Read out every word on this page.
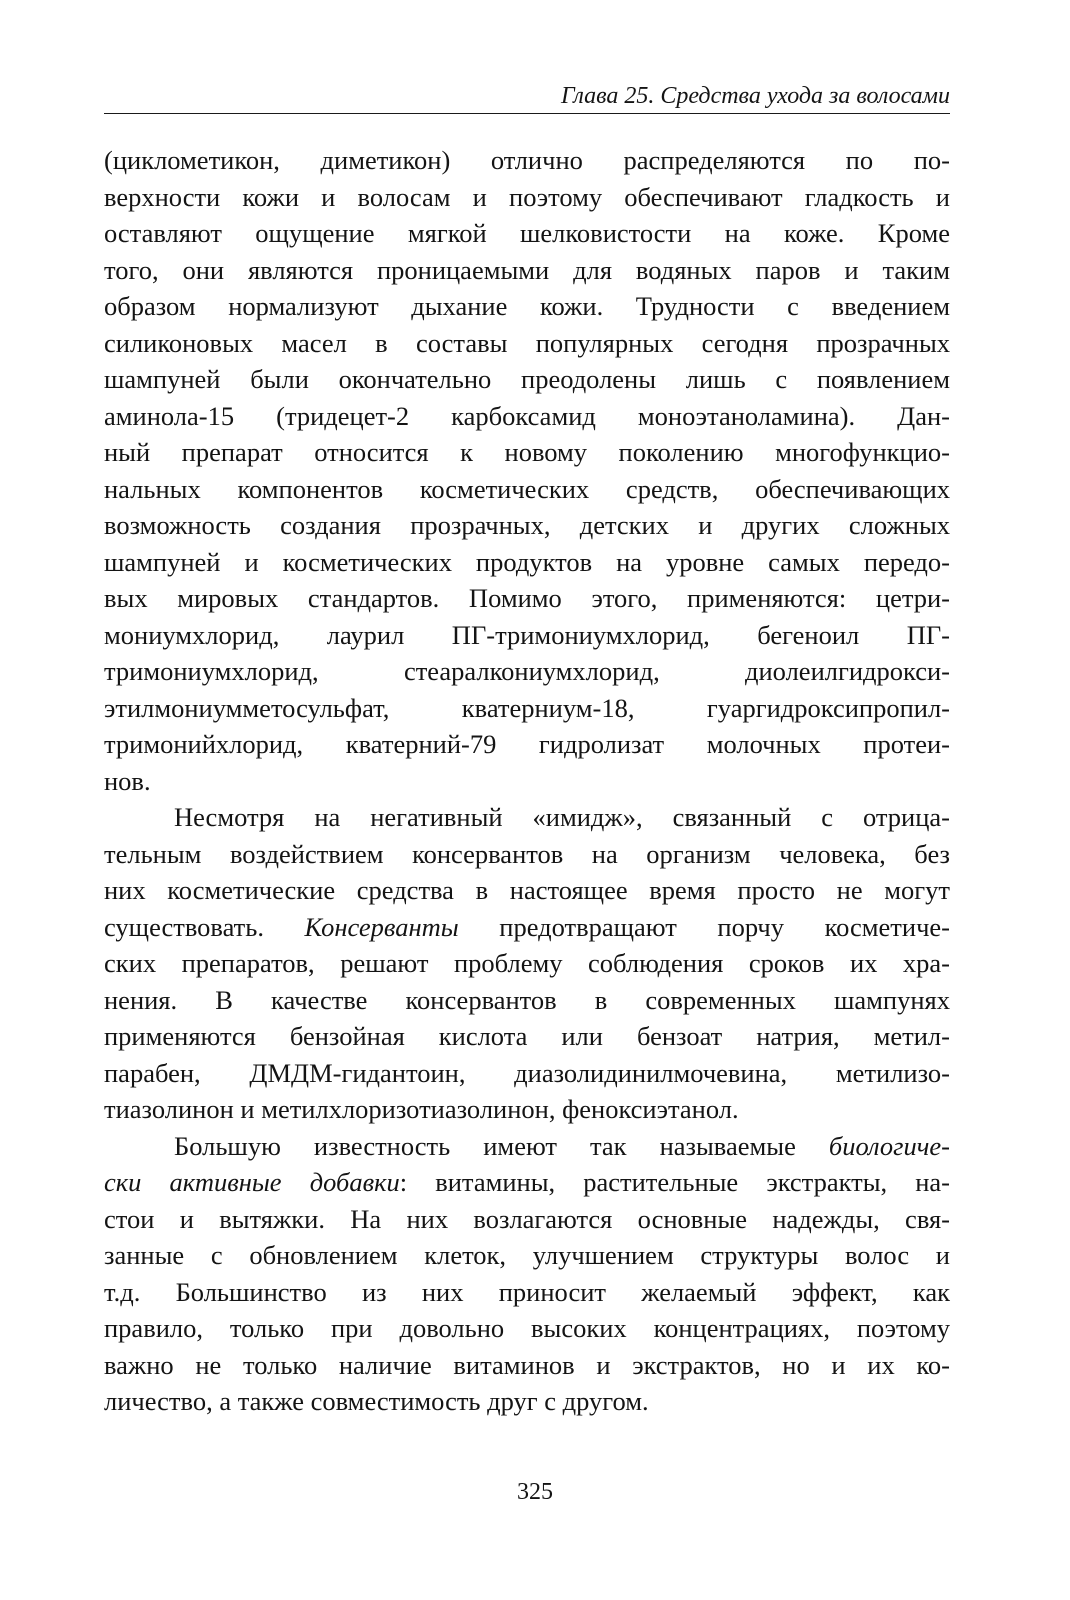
Глава 25. Средства ухода за волосами

(циклометикон, диметикон) отлично распределяются по по-
верхности кожи и волосам и поэтому обеспечивают гладкость и
оставляют ощущение мягкой шелковистости на коже. Кроме
того, они являются проницаемыми для водяных паров и таким
образом нормализуют дыхание кожи. Трудности с введением
силиконовых масел в составы популярных сегодня прозрачных
шампуней были окончательно преодолены лишь с появлением
аминола-15 (тридецет-2 карбоксамид моноэтаноламина). Дан-
ный препарат относится к новому поколению многофункцио-
нальных компонентов косметических средств, обеспечивающих
возможность создания прозрачных, детских и других сложных
шампуней и косметических продуктов на уровне самых передо-
вых мировых стандартов. Помимо этого, применяются: цетри-
мониумхлорид, лаурил ПГ-тримониумхлорид, бегеноил ПГ-
тримониумхлорид, стеаралкониумхлорид, диолеилгидрокси-
этилмониумметосульфат, кватерниум-18, гуаргидроксипропил-
тримонийхлорид, кватерний-79 гидролизат молочных протеи-
нов.

Несмотря на негативный «имидж», связанный с отрица-
тельным воздействием консервантов на организм человека, без
них косметические средства в настоящее время просто не могут
существовать. Консерванты предотвращают порчу косметиче-
ских препаратов, решают проблему соблюдения сроков их хра-
нения. В качестве консервантов в современных шампунях
применяются бензойная кислота или бензоат натрия, метил-
парабен, ДМДМ-гидантоин, диазолидинилмочевина, метилизо-
тиазолинон и метилхлоризотиазолинон, феноксиэтанол.

Большую известность имеют так называемые биологиче-
ски активные добавки: витамины, растительные экстракты, на-
стои и вытяжки. На них возлагаются основные надежды, свя-
занные с обновлением клеток, улучшением структуры волос и
т.д. Большинство из них приносит желаемый эффект, как
правило, только при довольно высоких концентрациях, поэтому
важно не только наличие витаминов и экстрактов, но и их ко-
личество, а также совместимость друг с другом.

325
